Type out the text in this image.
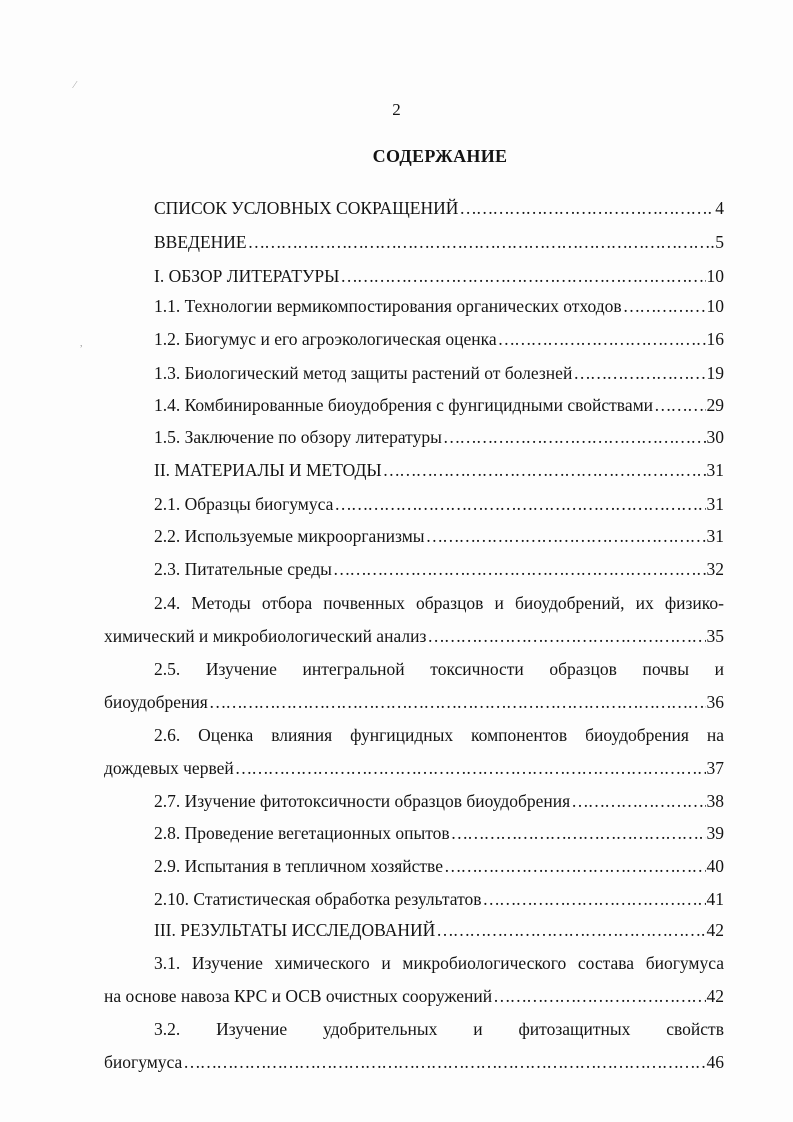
⁄
,
2
СОДЕРЖАНИЕ
СПИСОК УСЛОВНЫХ СОКРАЩЕНИЙ ……………………………………………………………………………………………………………………………………………………	4
ВВЕДЕНИЕ ……………………………………………………………………………………………………………………………………………………	5
I. ОБЗОР ЛИТЕРАТУРЫ ……………………………………………………………………………………………………………………………………………………	10
1.1. Технологии вермикомпостирования органических отходов ……………………………………………………………………………………………………………………………………………………	10
1.2. Биогумус и его агроэкологическая оценка ……………………………………………………………………………………………………………………………………………………	16
1.3. Биологический метод защиты растений от болезней ……………………………………………………………………………………………………………………………………………………	19
1.4. Комбинированные биоудобрения с фунгицидными свойствами ……………………………………………………………………………………………………………………………………………………	29
1.5. Заключение по обзору литературы ……………………………………………………………………………………………………………………………………………………	30
II. МАТЕРИАЛЫ И МЕТОДЫ ……………………………………………………………………………………………………………………………………………………	31
2.1. Образцы биогумуса ……………………………………………………………………………………………………………………………………………………	31
2.2. Используемые микроорганизмы ……………………………………………………………………………………………………………………………………………………	31
2.3. Питательные среды ……………………………………………………………………………………………………………………………………………………	32
2.4. Методы отбора почвенных образцов и биоудобрений, их физико-
химический и микробиологический анализ ……………………………………………………………………………………………………………………………………………………	35
2.5. Изучение интегральной токсичности образцов почвы и
биоудобрения ……………………………………………………………………………………………………………………………………………………	36
2.6. Оценка влияния фунгицидных компонентов биоудобрения на
дождевых червей ……………………………………………………………………………………………………………………………………………………	37
2.7. Изучение фитотоксичности образцов биоудобрения ……………………………………………………………………………………………………………………………………………………	38
2.8. Проведение вегетационных опытов ……………………………………………………………………………………………………………………………………………………	39
2.9. Испытания в тепличном хозяйстве ……………………………………………………………………………………………………………………………………………………	40
2.10. Статистическая обработка результатов ……………………………………………………………………………………………………………………………………………………	41
III. РЕЗУЛЬТАТЫ ИССЛЕДОВАНИЙ ……………………………………………………………………………………………………………………………………………………	42
3.1. Изучение химического и микробиологического состава биогумуса
на основе навоза КРС и ОСВ очистных сооружений ……………………………………………………………………………………………………………………………………………………	42
3.2. Изучение удобрительных и фитозащитных свойств
биогумуса ……………………………………………………………………………………………………………………………………………………	46
